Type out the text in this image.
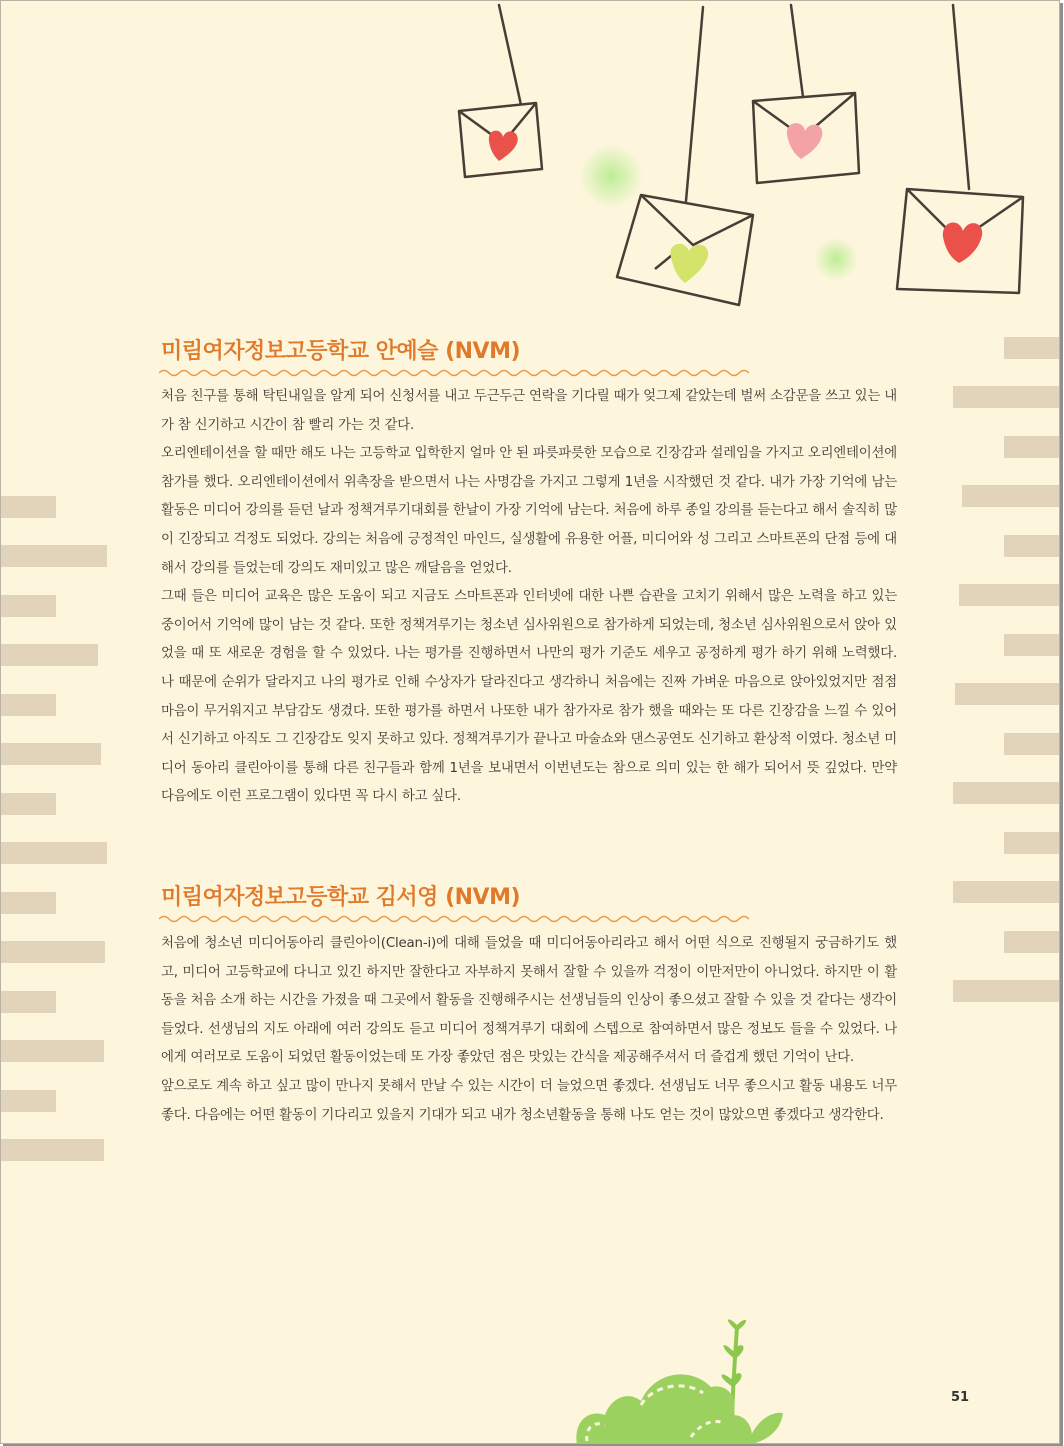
미림여자정보고등학교 안예슬 (NVM)

처음 친구를 통해 탁틴내일을 알게 되어 신청서를 내고 두근두근 연락을 기다릴 때가 엊그제 같았는데 벌써 소감문을 쓰고 있는 내가 참 신기하고 시간이 참 빨리 가는 것 같다.

오리엔테이션을 할 때만 해도 나는 고등학교 입학한지 얼마 안 된 파릇파릇한 모습으로 긴장감과 설레임을 가지고 오리엔테이션에 참가를 했다. 오리엔테이션에서 위촉장을 받으면서 나는 사명감을 가지고 그렇게 1년을 시작했던 것 같다. 내가 가장 기억에 남는 활동은 미디어 강의를 듣던 날과 정책겨루기대회를 한날이 가장 기억에 남는다. 처음에 하루 종일 강의를 듣는다고 해서 솔직히 많이 긴장되고 걱정도 되었다. 강의는 처음에 긍정적인 마인드, 실생활에 유용한 어플, 미디어와 성 그리고 스마트폰의 단점 등에 대해서 강의를 들었는데 강의도 재미있고 많은 깨달음을 얻었다.

그때 들은 미디어 교육은 많은 도움이 되고 지금도 스마트폰과 인터넷에 대한 나쁜 습관을 고치기 위해서 많은 노력을 하고 있는 중이어서 기억에 많이 남는 것 같다. 또한 정책겨루기는 청소년 심사위원으로 참가하게 되었는데, 청소년 심사위원으로서 앉아 있었을 때 또 새로운 경험을 할 수 있었다. 나는 평가를 진행하면서 나만의 평가 기준도 세우고 공정하게 평가 하기 위해 노력했다. 나 때문에 순위가 달라지고 나의 평가로 인해 수상자가 달라진다고 생각하니 처음에는 진짜 가벼운 마음으로 앉아있었지만 점점 마음이 무거워지고 부담감도 생겼다. 또한 평가를 하면서 나또한 내가 참가자로 참가 했을 때와는 또 다른 긴장감을 느낄 수 있어서 신기하고 아직도 그 긴장감도 잊지 못하고 있다. 정책겨루기가 끝나고 마술쇼와 댄스공연도 신기하고 환상적 이였다. 청소년 미디어 동아리 클린아이를 통해 다른 친구들과 함께 1년을 보내면서 이번년도는 참으로 의미 있는 한 해가 되어서 뜻 깊었다. 만약 다음에도 이런 프로그램이 있다면 꼭 다시 하고 싶다.

미림여자정보고등학교 김서영 (NVM)

처음에 청소년 미디어동아리 클린아이(Clean-i)에 대해 들었을 때 미디어동아리라고 해서 어떤 식으로 진행될지 궁금하기도 했고, 미디어 고등학교에 다니고 있긴 하지만 잘한다고 자부하지 못해서 잘할 수 있을까 걱정이 이만저만이 아니었다. 하지만 이 활동을 처음 소개 하는 시간을 가졌을 때 그곳에서 활동을 진행해주시는 선생님들의 인상이 좋으셨고 잘할 수 있을 것 같다는 생각이 들었다. 선생님의 지도 아래에 여러 강의도 듣고 미디어 정책겨루기 대회에 스텝으로 참여하면서 많은 정보도 들을 수 있었다. 나에게 여러모로 도움이 되었던 활동이었는데 또 가장 좋았던 점은 맛있는 간식을 제공해주셔서 더 즐겁게 했던 기억이 난다.

앞으로도 계속 하고 싶고 많이 만나지 못해서 만날 수 있는 시간이 더 늘었으면 좋겠다. 선생님도 너무 좋으시고 활동 내용도 너무 좋다. 다음에는 어떤 활동이 기다리고 있을지 기대가 되고 내가 청소년활동을 통해 나도 얻는 것이 많았으면 좋겠다고 생각한다.

51
